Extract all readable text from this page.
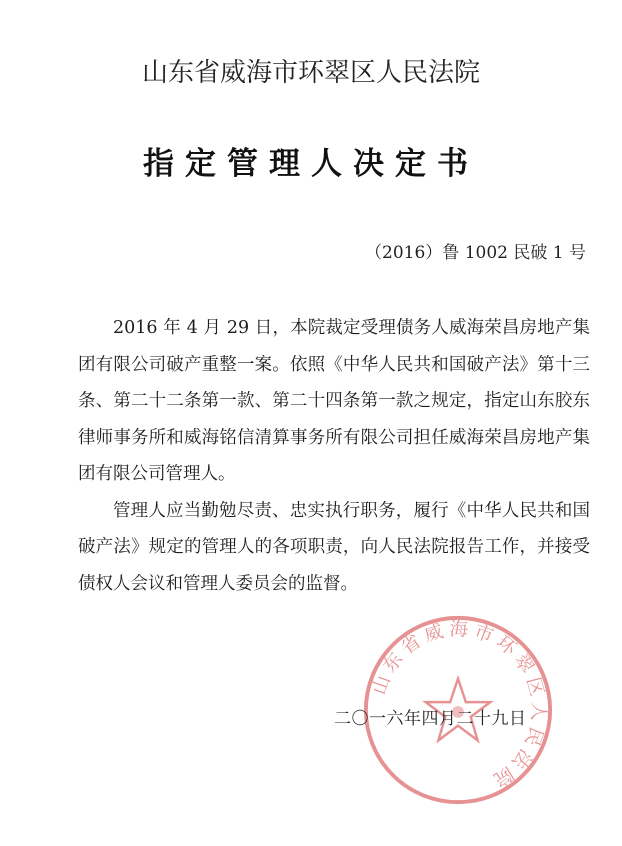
山东省威海市环翠区人民法院
指定管理人决定书
（2016）鲁 1002 民破 1 号

2016 年 4 月 29 日，本院裁定受理债务人威海荣昌房地产集团有限公司破产重整一案。依照《中华人民共和国破产法》第十三条、第二十二条第一款、第二十四条第一款之规定，指定山东胶东律师事务所和威海铭信清算事务所有限公司担任威海荣昌房地产集团有限公司管理人。

管理人应当勤勉尽责、忠实执行职务，履行《中华人民共和国破产法》规定的管理人的各项职责，向人民法院报告工作，并接受债权人会议和管理人委员会的监督。

山东省威海市环翠区人民法院
二〇一六年四月二十九日
